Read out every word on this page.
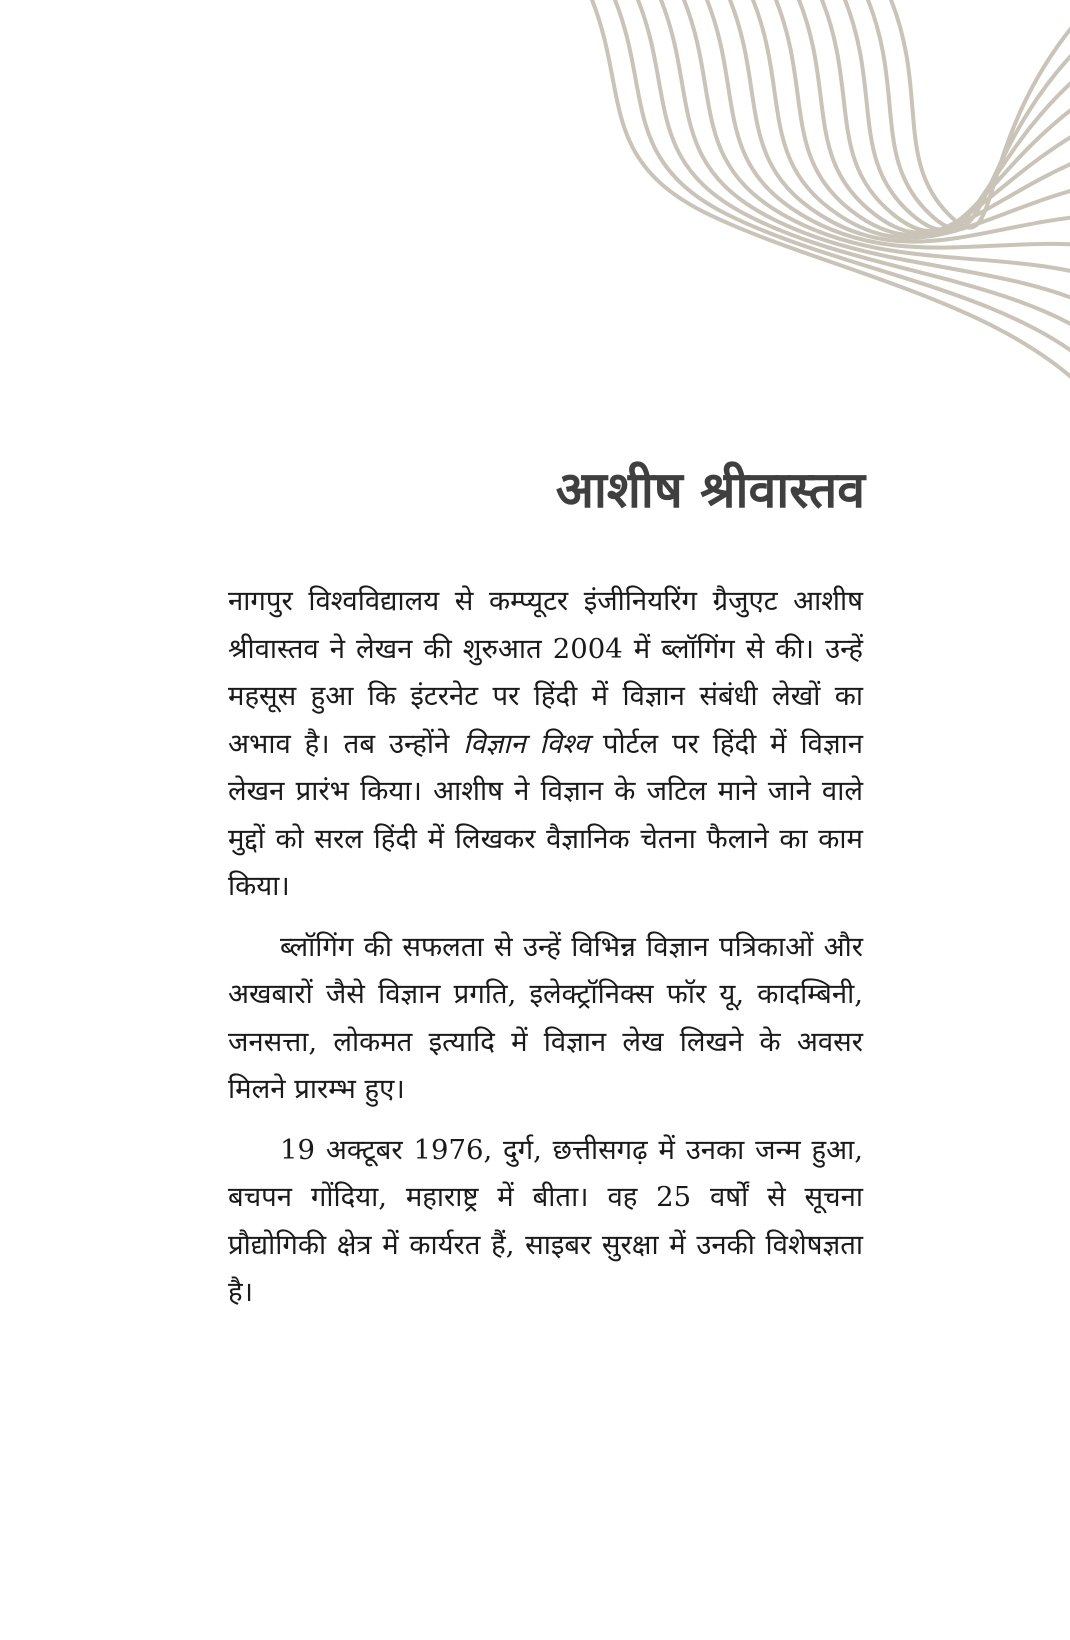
आशीष श्रीवास्तव

नागपुर विश्वविद्यालय से कम्प्यूटर इंजीनियरिंग ग्रैजुएट आशीष श्रीवास्तव ने लेखन की शुरुआत 2004 में ब्लॉगिंग से की। उन्हें महसूस हुआ कि इंटरनेट पर हिंदी में विज्ञान संबंधी लेखों का अभाव है। तब उन्होंने विज्ञान विश्व पोर्टल पर हिंदी में विज्ञान लेखन प्रारंभ किया। आशीष ने विज्ञान के जटिल माने जाने वाले मुद्दों को सरल हिंदी में लिखकर वैज्ञानिक चेतना फैलाने का काम किया।

ब्लॉगिंग की सफलता से उन्हें विभिन्न विज्ञान पत्रिकाओं और अखबारों जैसे विज्ञान प्रगति, इलेक्ट्रॉनिक्स फॉर यू, कादम्बिनी, जनसत्ता, लोकमत इत्यादि में विज्ञान लेख लिखने के अवसर मिलने प्रारम्भ हुए।

19 अक्टूबर 1976, दुर्ग, छत्तीसगढ़ में उनका जन्म हुआ, बचपन गोंदिया, महाराष्ट्र में बीता। वह 25 वर्षों से सूचना प्रौद्योगिकी क्षेत्र में कार्यरत हैं, साइबर सुरक्षा में उनकी विशेषज्ञता है।
